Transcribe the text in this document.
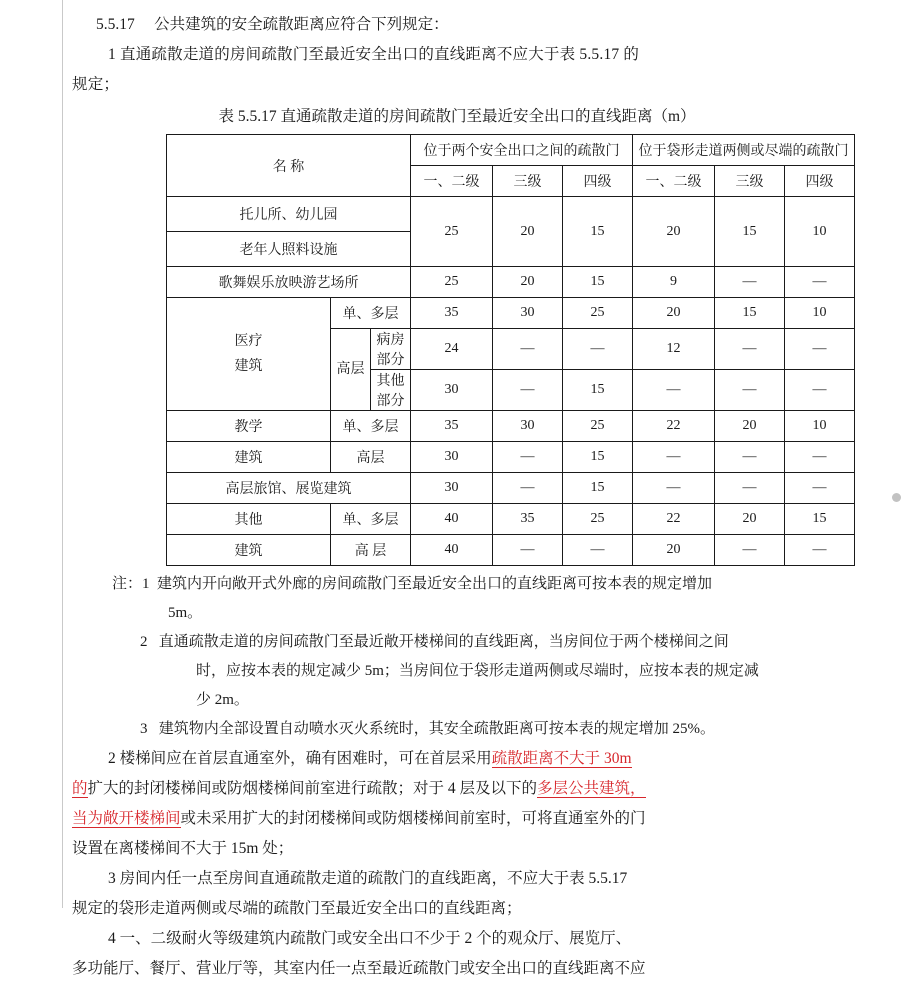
5.5.17 公共建筑的安全疏散距离应符合下列规定：
1 直通疏散走道的房间疏散门至最近安全出口的直线距离不应大于表 5.5.17 的
规定；
表 5.5.17 直通疏散走道的房间疏散门至最近安全出口的直线距离（m）
名 称			位于两个安全出口之间的疏散门			位于袋形走道两侧或尽端的疏散门		
			一、二级	三级	四级	一、二级	三级	四级

托儿所、幼儿园			25	20	15	20	15	10
老年人照料设施								
歌舞娱乐放映游艺场所			25	20	15	9	—	—

医疗
建筑	单、多层		35	30	25	20	15	10

	高层	病房部分	24	—	—	12	—	—
		其他部分	30	—	15	—	—	—
教学	单、多层		35	30	25	22	20	10
建筑	高层		30	—	15	—	—	—
高层旅馆、展览建筑			30	—	15	—	—	—
其他	单、多层		40	35	25	22	20	15
建筑	高 层		40	—	—	20	—	—
注：1 建筑内开向敞开式外廊的房间疏散门至最近安全出口的直线距离可按本表的规定增加
5m。
2 直通疏散走道的房间疏散门至最近敞开楼梯间的直线距离，当房间位于两个楼梯间之间
时，应按本表的规定减少 5m；当房间位于袋形走道两侧或尽端时，应按本表的规定减
少 2m。
3 建筑物内全部设置自动喷水灭火系统时，其安全疏散距离可按本表的规定增加 25%。
2 楼梯间应在首层直通室外，确有困难时，可在首层采用疏散距离不大于 30m
的扩大的封闭楼梯间或防烟楼梯间前室进行疏散；对于 4 层及以下的多层公共建筑，
当为敞开楼梯间或未采用扩大的封闭楼梯间或防烟楼梯间前室时，可将直通室外的门
设置在离楼梯间不大于 15m 处；
3 房间内任一点至房间直通疏散走道的疏散门的直线距离，不应大于表 5.5.17
规定的袋形走道两侧或尽端的疏散门至最近安全出口的直线距离；
4 一、二级耐火等级建筑内疏散门或安全出口不少于 2 个的观众厅、展览厅、
多功能厅、餐厅、营业厅等，其室内任一点至最近疏散门或安全出口的直线距离不应
